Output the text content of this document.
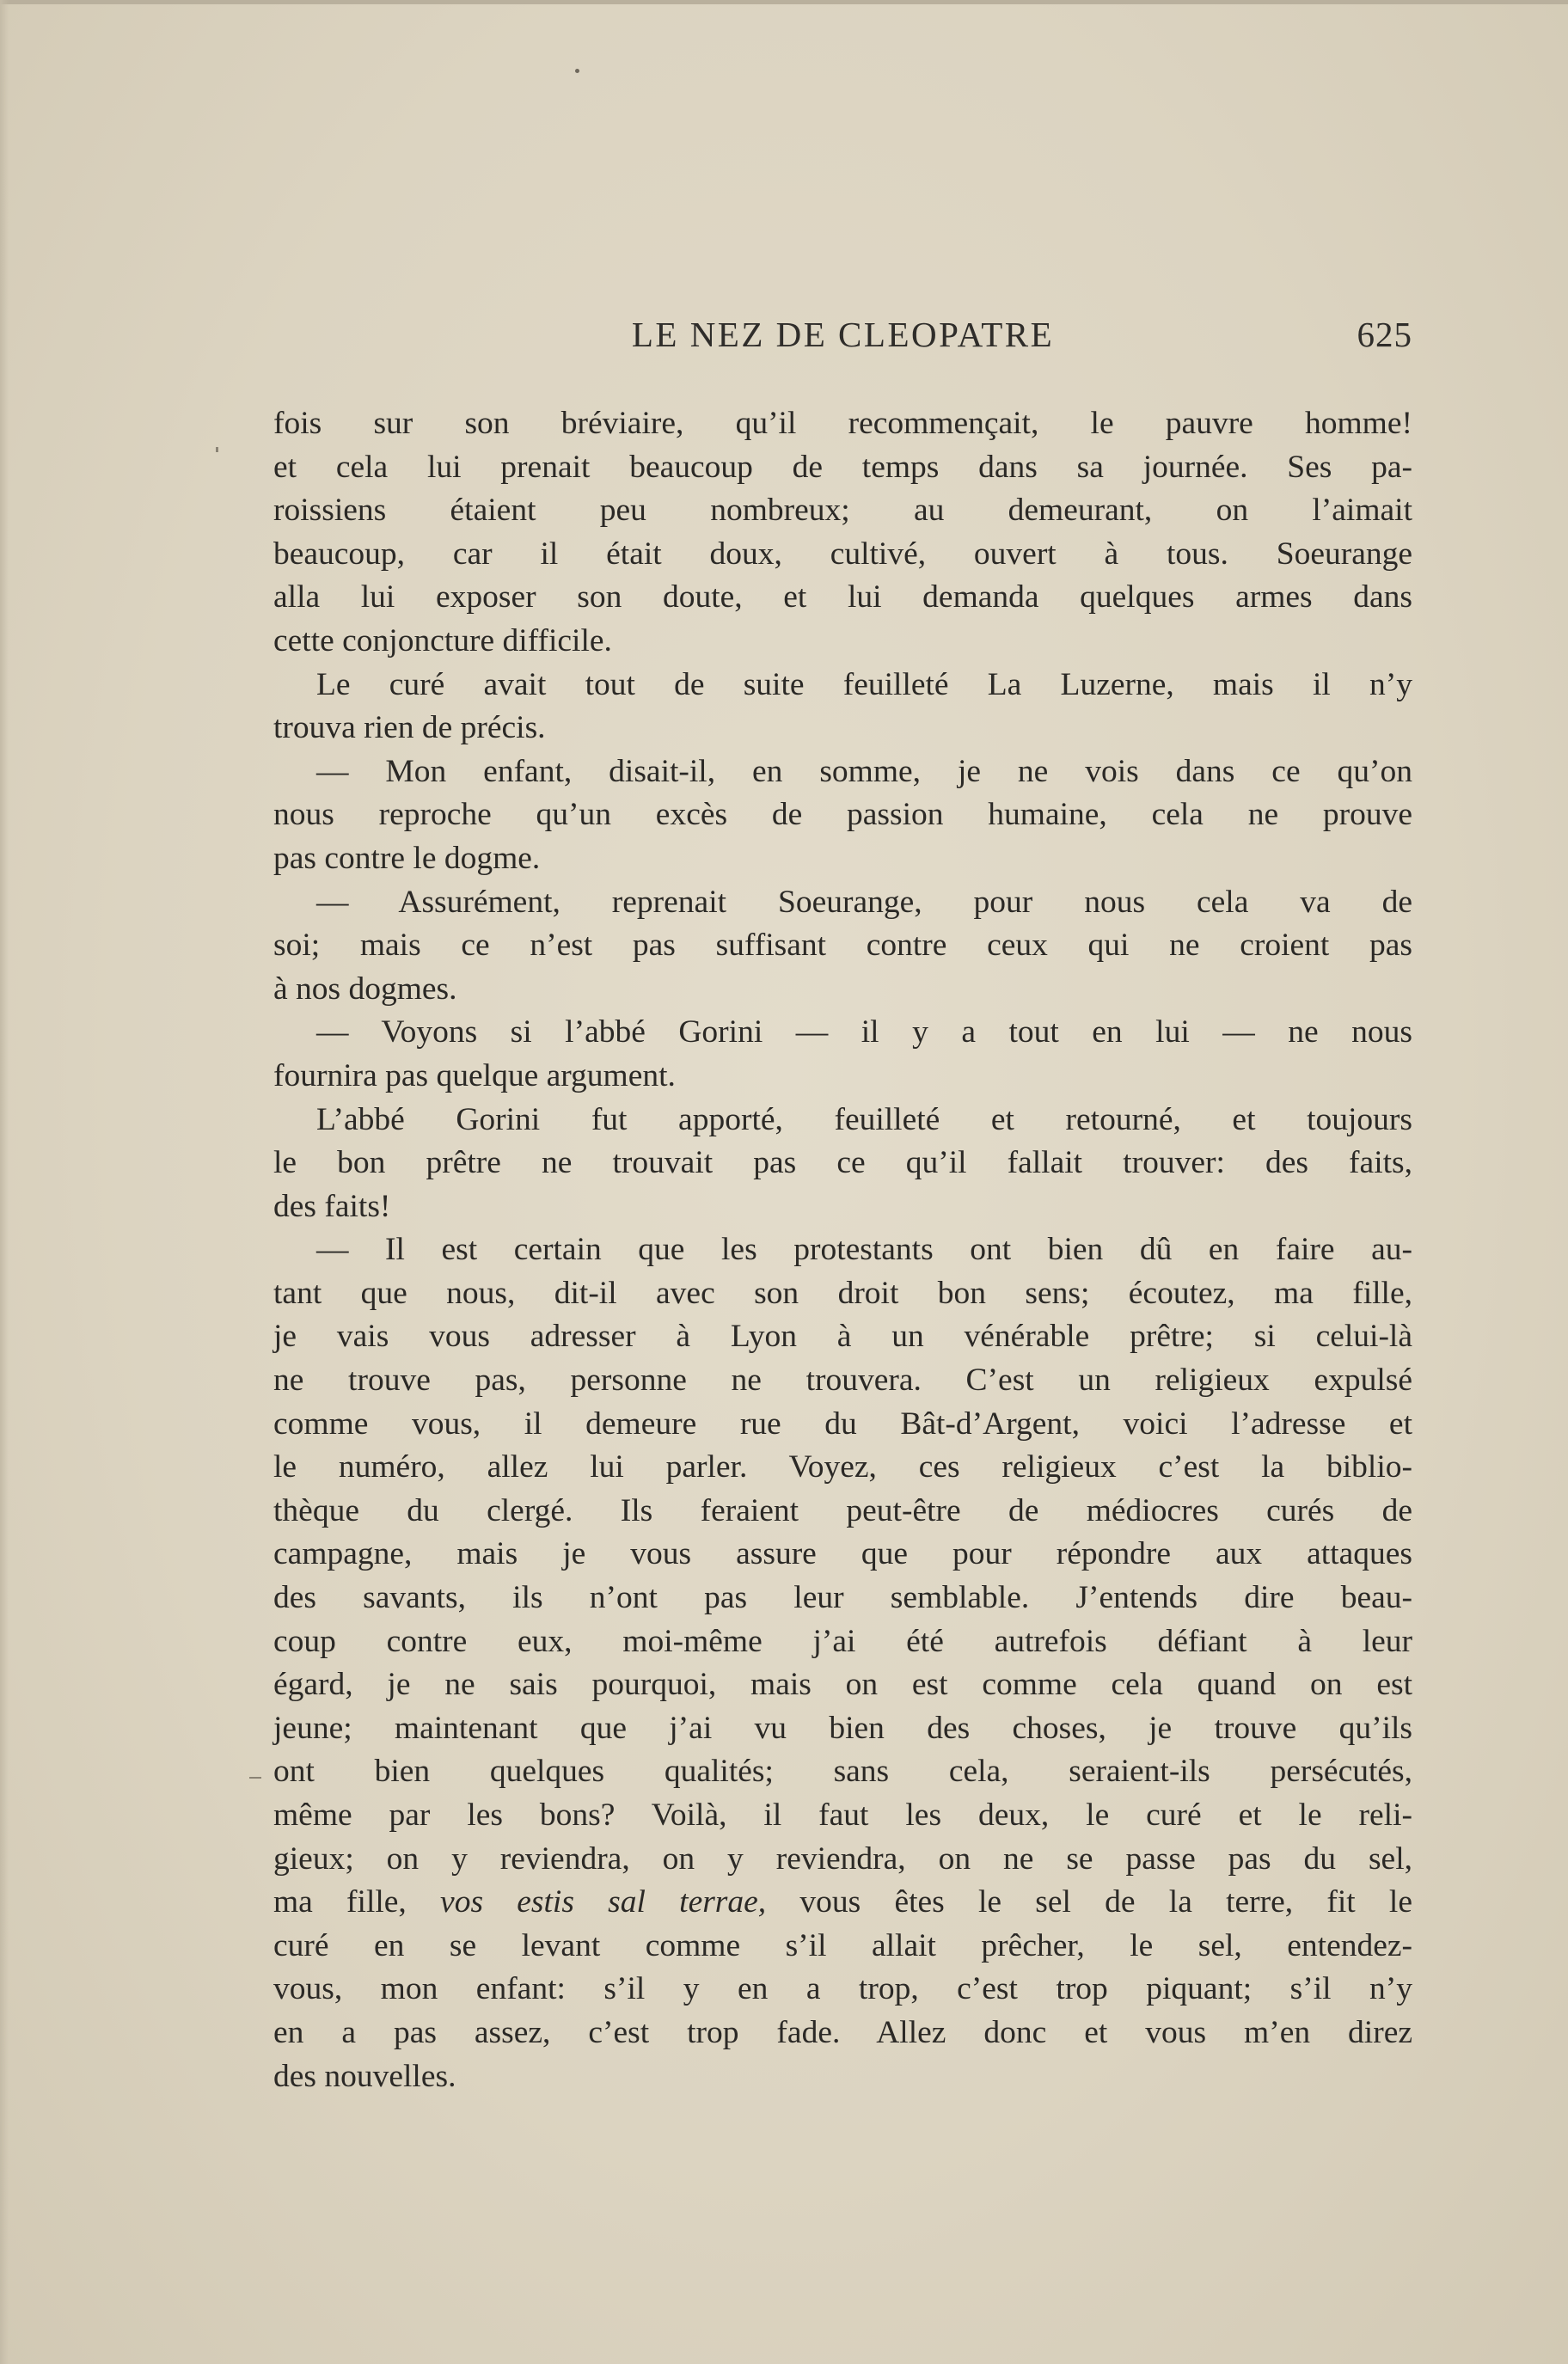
LE NEZ DE CLEOPATRE	625

fois sur son bréviaire, qu’il recommençait, le pauvre homme!
et cela lui prenait beaucoup de temps dans sa journée. Ses pa-
roissiens étaient peu nombreux; au demeurant, on l’aimait
beaucoup, car il était doux, cultivé, ouvert à tous. Soeurange
alla lui exposer son doute, et lui demanda quelques armes dans
cette conjoncture difficile.

Le curé avait tout de suite feuilleté La Luzerne, mais il n’y
trouva rien de précis.

— Mon enfant, disait-il, en somme, je ne vois dans ce qu’on
nous reproche qu’un excès de passion humaine, cela ne prouve
pas contre le dogme.

— Assurément, reprenait Soeurange, pour nous cela va de
soi; mais ce n’est pas suffisant contre ceux qui ne croient pas
à nos dogmes.

— Voyons si l’abbé Gorini — il y a tout en lui — ne nous
fournira pas quelque argument.

L’abbé Gorini fut apporté, feuilleté et retourné, et toujours
le bon prêtre ne trouvait pas ce qu’il fallait trouver: des faits,
des faits!

— Il est certain que les protestants ont bien dû en faire au-
tant que nous, dit-il avec son droit bon sens; écoutez, ma fille,
je vais vous adresser à Lyon à un vénérable prêtre; si celui-là
ne trouve pas, personne ne trouvera. C’est un religieux expulsé
comme vous, il demeure rue du Bât-d’Argent, voici l’adresse et
le numéro, allez lui parler. Voyez, ces religieux c’est la biblio-
thèque du clergé. Ils feraient peut-être de médiocres curés de
campagne, mais je vous assure que pour répondre aux attaques
des savants, ils n’ont pas leur semblable. J’entends dire beau-
coup contre eux, moi-même j’ai été autrefois défiant à leur
égard, je ne sais pourquoi, mais on est comme cela quand on est
jeune; maintenant que j’ai vu bien des choses, je trouve qu’ils
ont bien quelques qualités; sans cela, seraient-ils persécutés,
même par les bons? Voilà, il faut les deux, le curé et le reli-
gieux; on y reviendra, on y reviendra, on ne se passe pas du sel,
ma fille, vos estis sal terrae, vous êtes le sel de la terre, fit le
curé en se levant comme s’il allait prêcher, le sel, entendez-
vous, mon enfant: s’il y en a trop, c’est trop piquant; s’il n’y
en a pas assez, c’est trop fade. Allez donc et vous m’en direz
des nouvelles.
